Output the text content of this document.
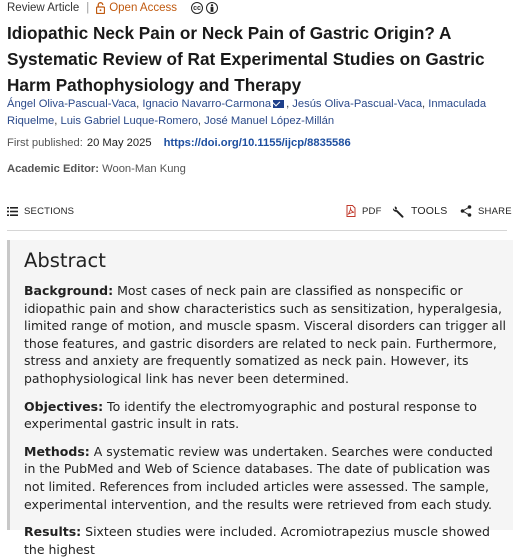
Review Article | Open Access cc
Idiopathic Neck Pain or Neck Pain of Gastric Origin? A Systematic Review of Rat Experimental Studies on Gastric Harm Pathophysiology and Therapy
Ángel Oliva-Pascual-Vaca, Ignacio Navarro-Carmona , Jesús Oliva-Pascual-Vaca, Inmaculada Riquelme, Luis Gabriel Luque-Romero, José Manuel López-Millán
First published: 20 May 2025 https://doi.org/10.1155/ijcp/8835586
Academic Editor: Woon-Man Kung
SECTIONS	PDF	TOOLS	SHARE
Abstract

Background: Most cases of neck pain are classified as nonspecific or idiopathic pain and show characteristics such as sensitization, hyperalgesia, limited range of motion, and muscle spasm. Visceral disorders can trigger all those features, and gastric disorders are related to neck pain. Furthermore, stress and anxiety are frequently somatized as neck pain. However, its pathophysiological link has never been determined.

Objectives: To identify the electromyographic and postural response to experimental gastric insult in rats.

Methods: A systematic review was undertaken. Searches were conducted in the PubMed and Web of Science databases. The date of publication was not limited. References from included articles were assessed. The sample, experimental intervention, and the results were retrieved from each study.

Results: Sixteen studies were included. Acromiotrapezius muscle showed the highest
